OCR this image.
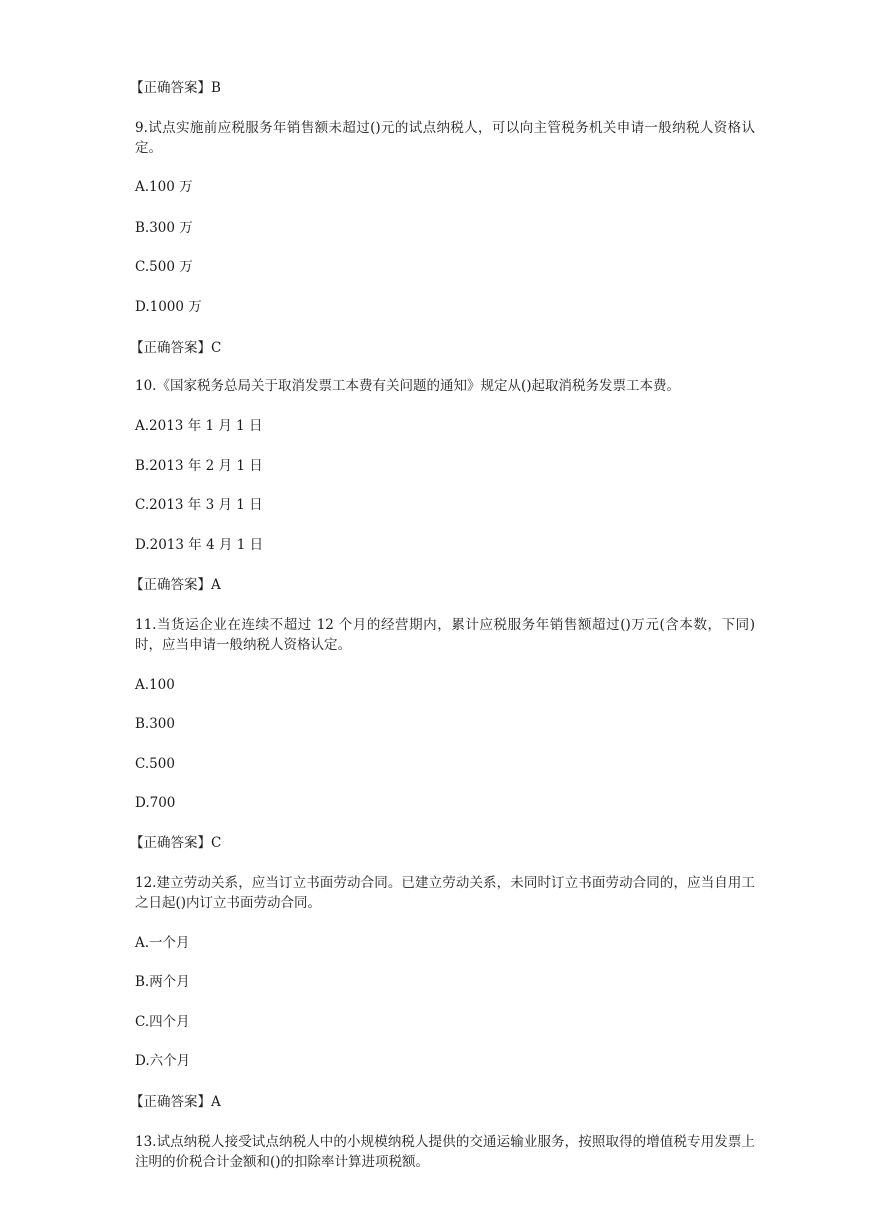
【正确答案】B
9.试点实施前应税服务年销售额未超过()元的试点纳税人，可以向主管税务机关申请一般纳税人资格认定。
A.100 万
B.300 万
C.500 万
D.1000 万
【正确答案】C
10.《国家税务总局关于取消发票工本费有关问题的通知》规定从()起取消税务发票工本费。
A.2013 年 1 月 1 日
B.2013 年 2 月 1 日
C.2013 年 3 月 1 日
D.2013 年 4 月 1 日
【正确答案】A
11.当货运企业在连续不超过 12 个月的经营期内，累计应税服务年销售额超过()万元(含本数，下同)时，应当申请一般纳税人资格认定。
A.100
B.300
C.500
D.700
【正确答案】C
12.建立劳动关系，应当订立书面劳动合同。已建立劳动关系，未同时订立书面劳动合同的，应当自用工之日起()内订立书面劳动合同。
A.一个月
B.两个月
C.四个月
D.六个月
【正确答案】A
13.试点纳税人接受试点纳税人中的小规模纳税人提供的交通运输业服务，按照取得的增值税专用发票上注明的价税合计金额和()的扣除率计算进项税额。
